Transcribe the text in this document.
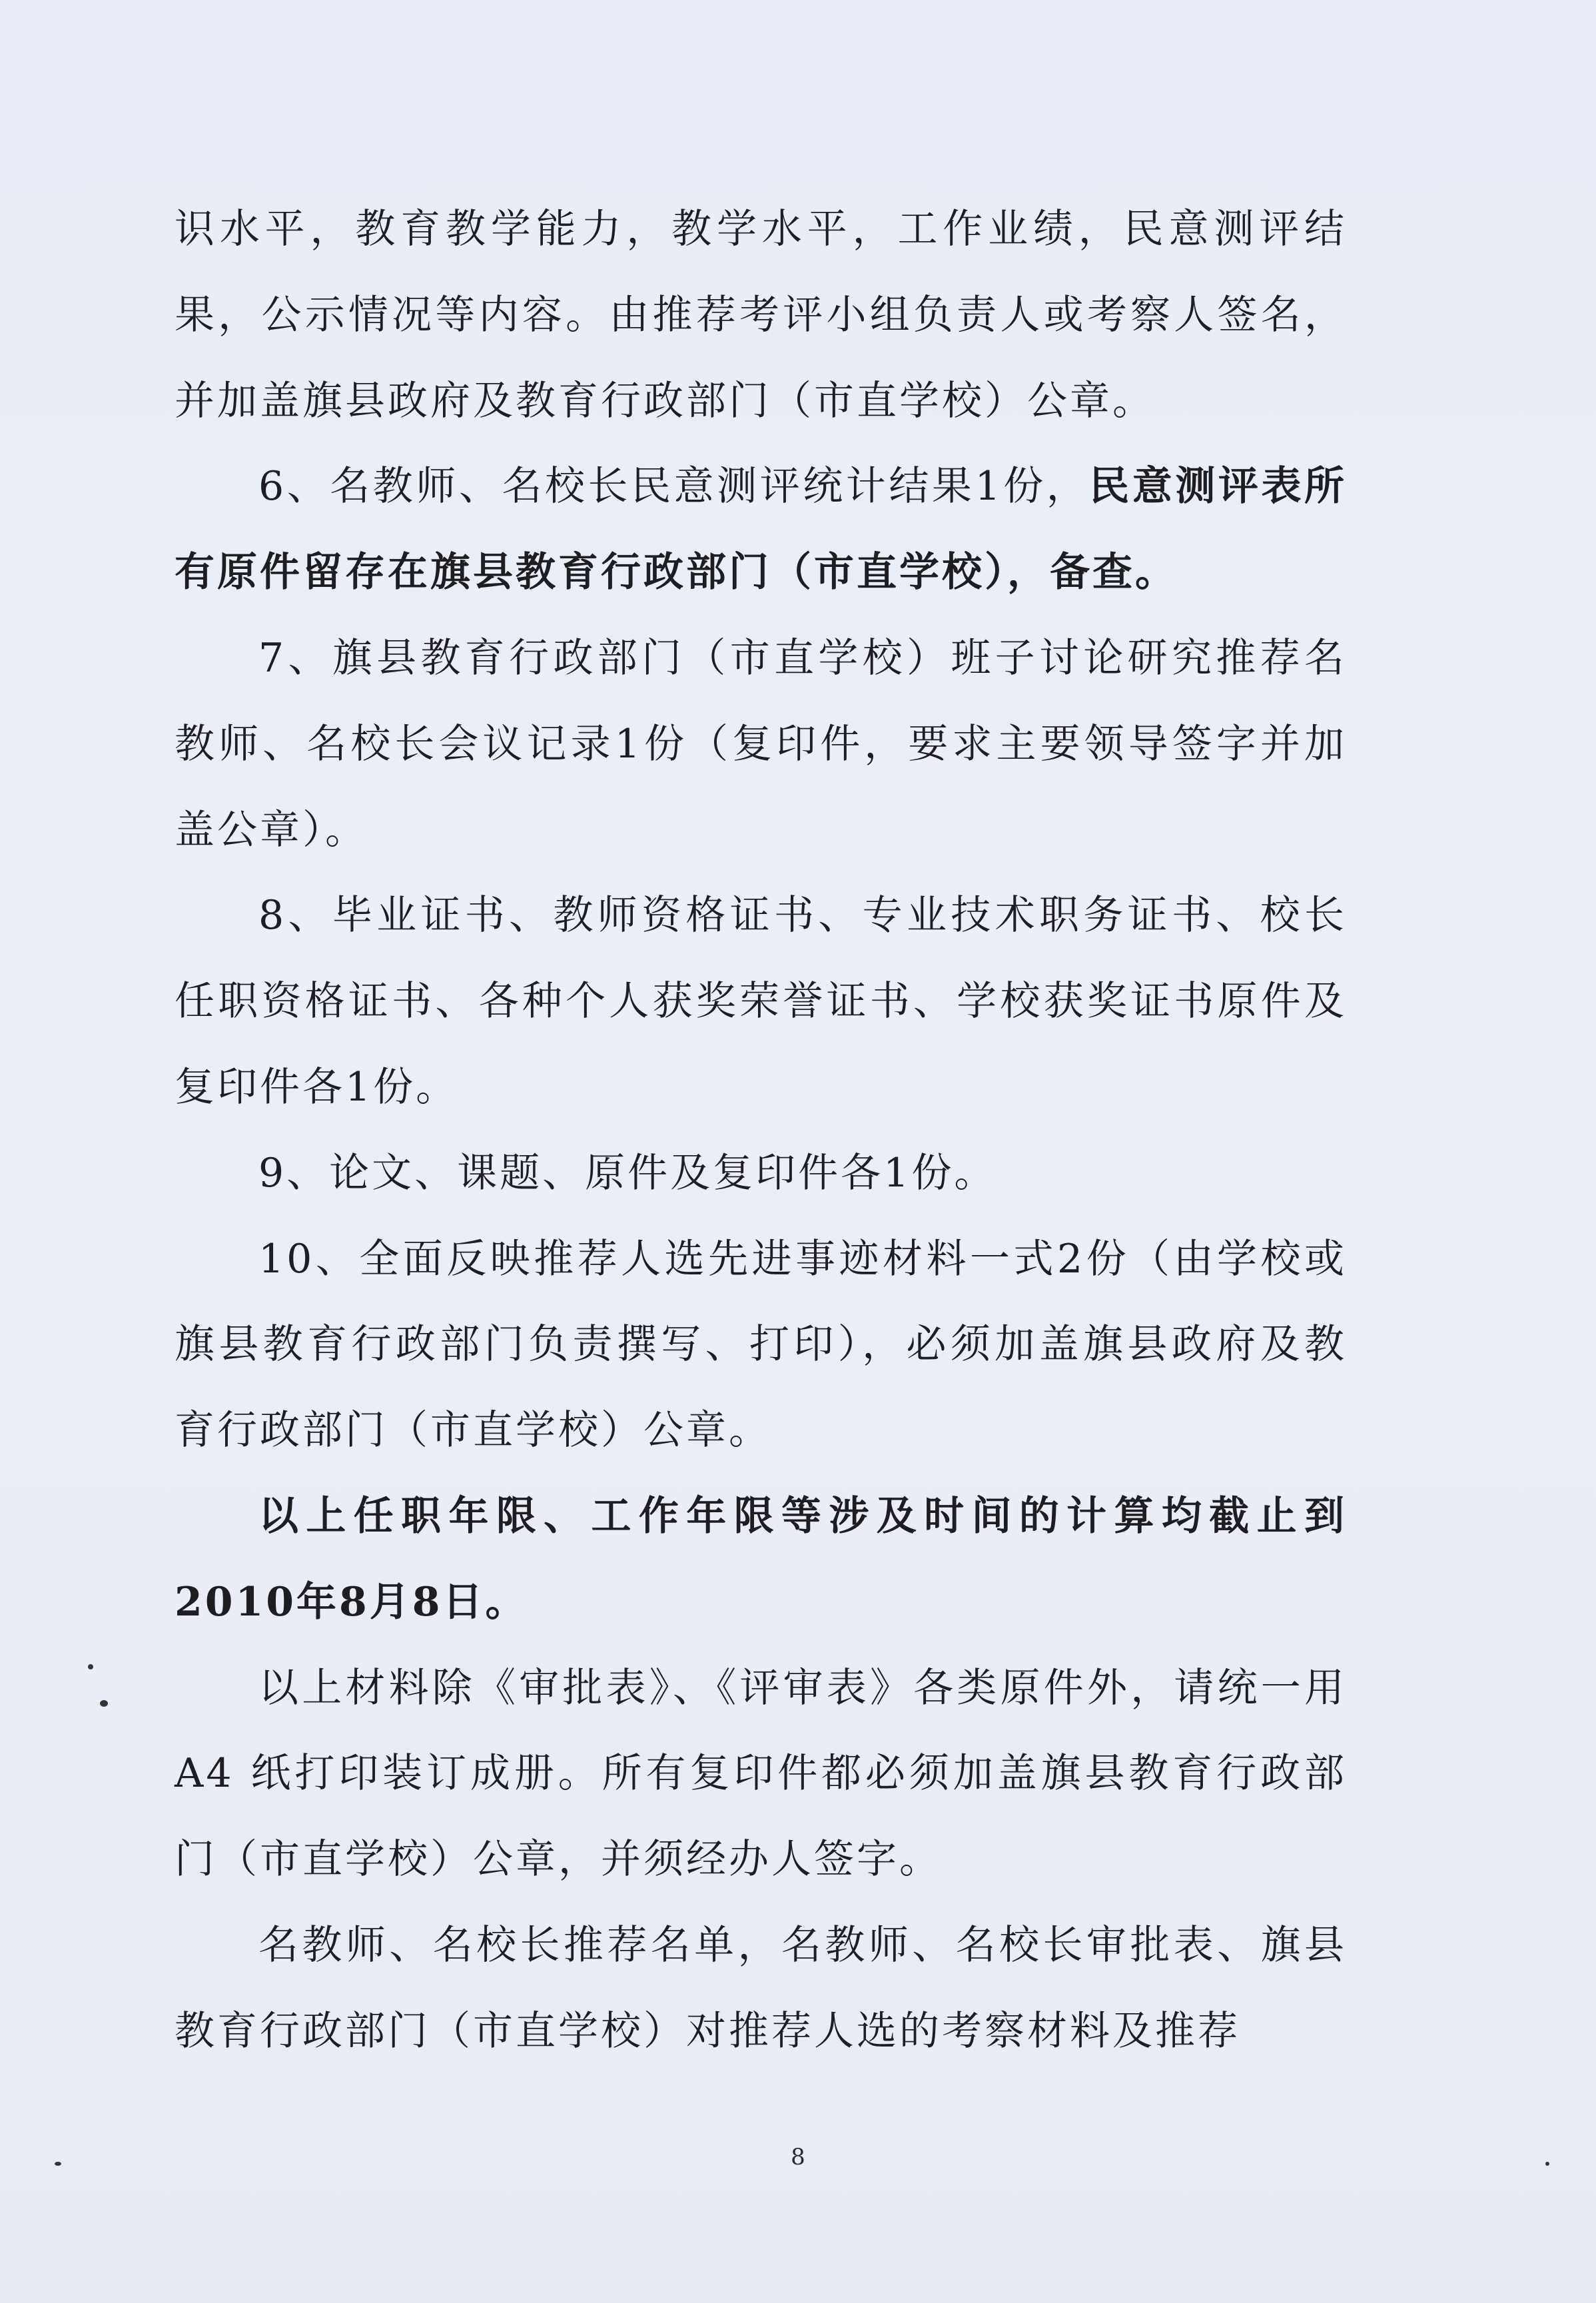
识水平，教育教学能力，教学水平，工作业绩，民意测评结果，公示情况等内容。由推荐考评小组负责人或考察人签名，并加盖旗县政府及教育行政部门（市直学校）公章。

6、名教师、名校长民意测评统计结果1份，民意测评表所有原件留存在旗县教育行政部门（市直学校），备查。

7、旗县教育行政部门（市直学校）班子讨论研究推荐名教师、名校长会议记录1份（复印件，要求主要领导签字并加盖公章）。

8、毕业证书、教师资格证书、专业技术职务证书、校长任职资格证书、各种个人获奖荣誉证书、学校获奖证书原件及复印件各1份。

9、论文、课题、原件及复印件各1份。

10、全面反映推荐人选先进事迹材料一式2份（由学校或旗县教育行政部门负责撰写、打印），必须加盖旗县政府及教育行政部门（市直学校）公章。

以上任职年限、工作年限等涉及时间的计算均截止到2010年8月8日。

以上材料除《审批表》、《评审表》各类原件外，请统一用 A4 纸打印装订成册。所有复印件都必须加盖旗县教育行政部门（市直学校）公章，并须经办人签字。

名教师、名校长推荐名单，名教师、名校长审批表、旗县教育行政部门（市直学校）对推荐人选的考察材料及推荐

8
